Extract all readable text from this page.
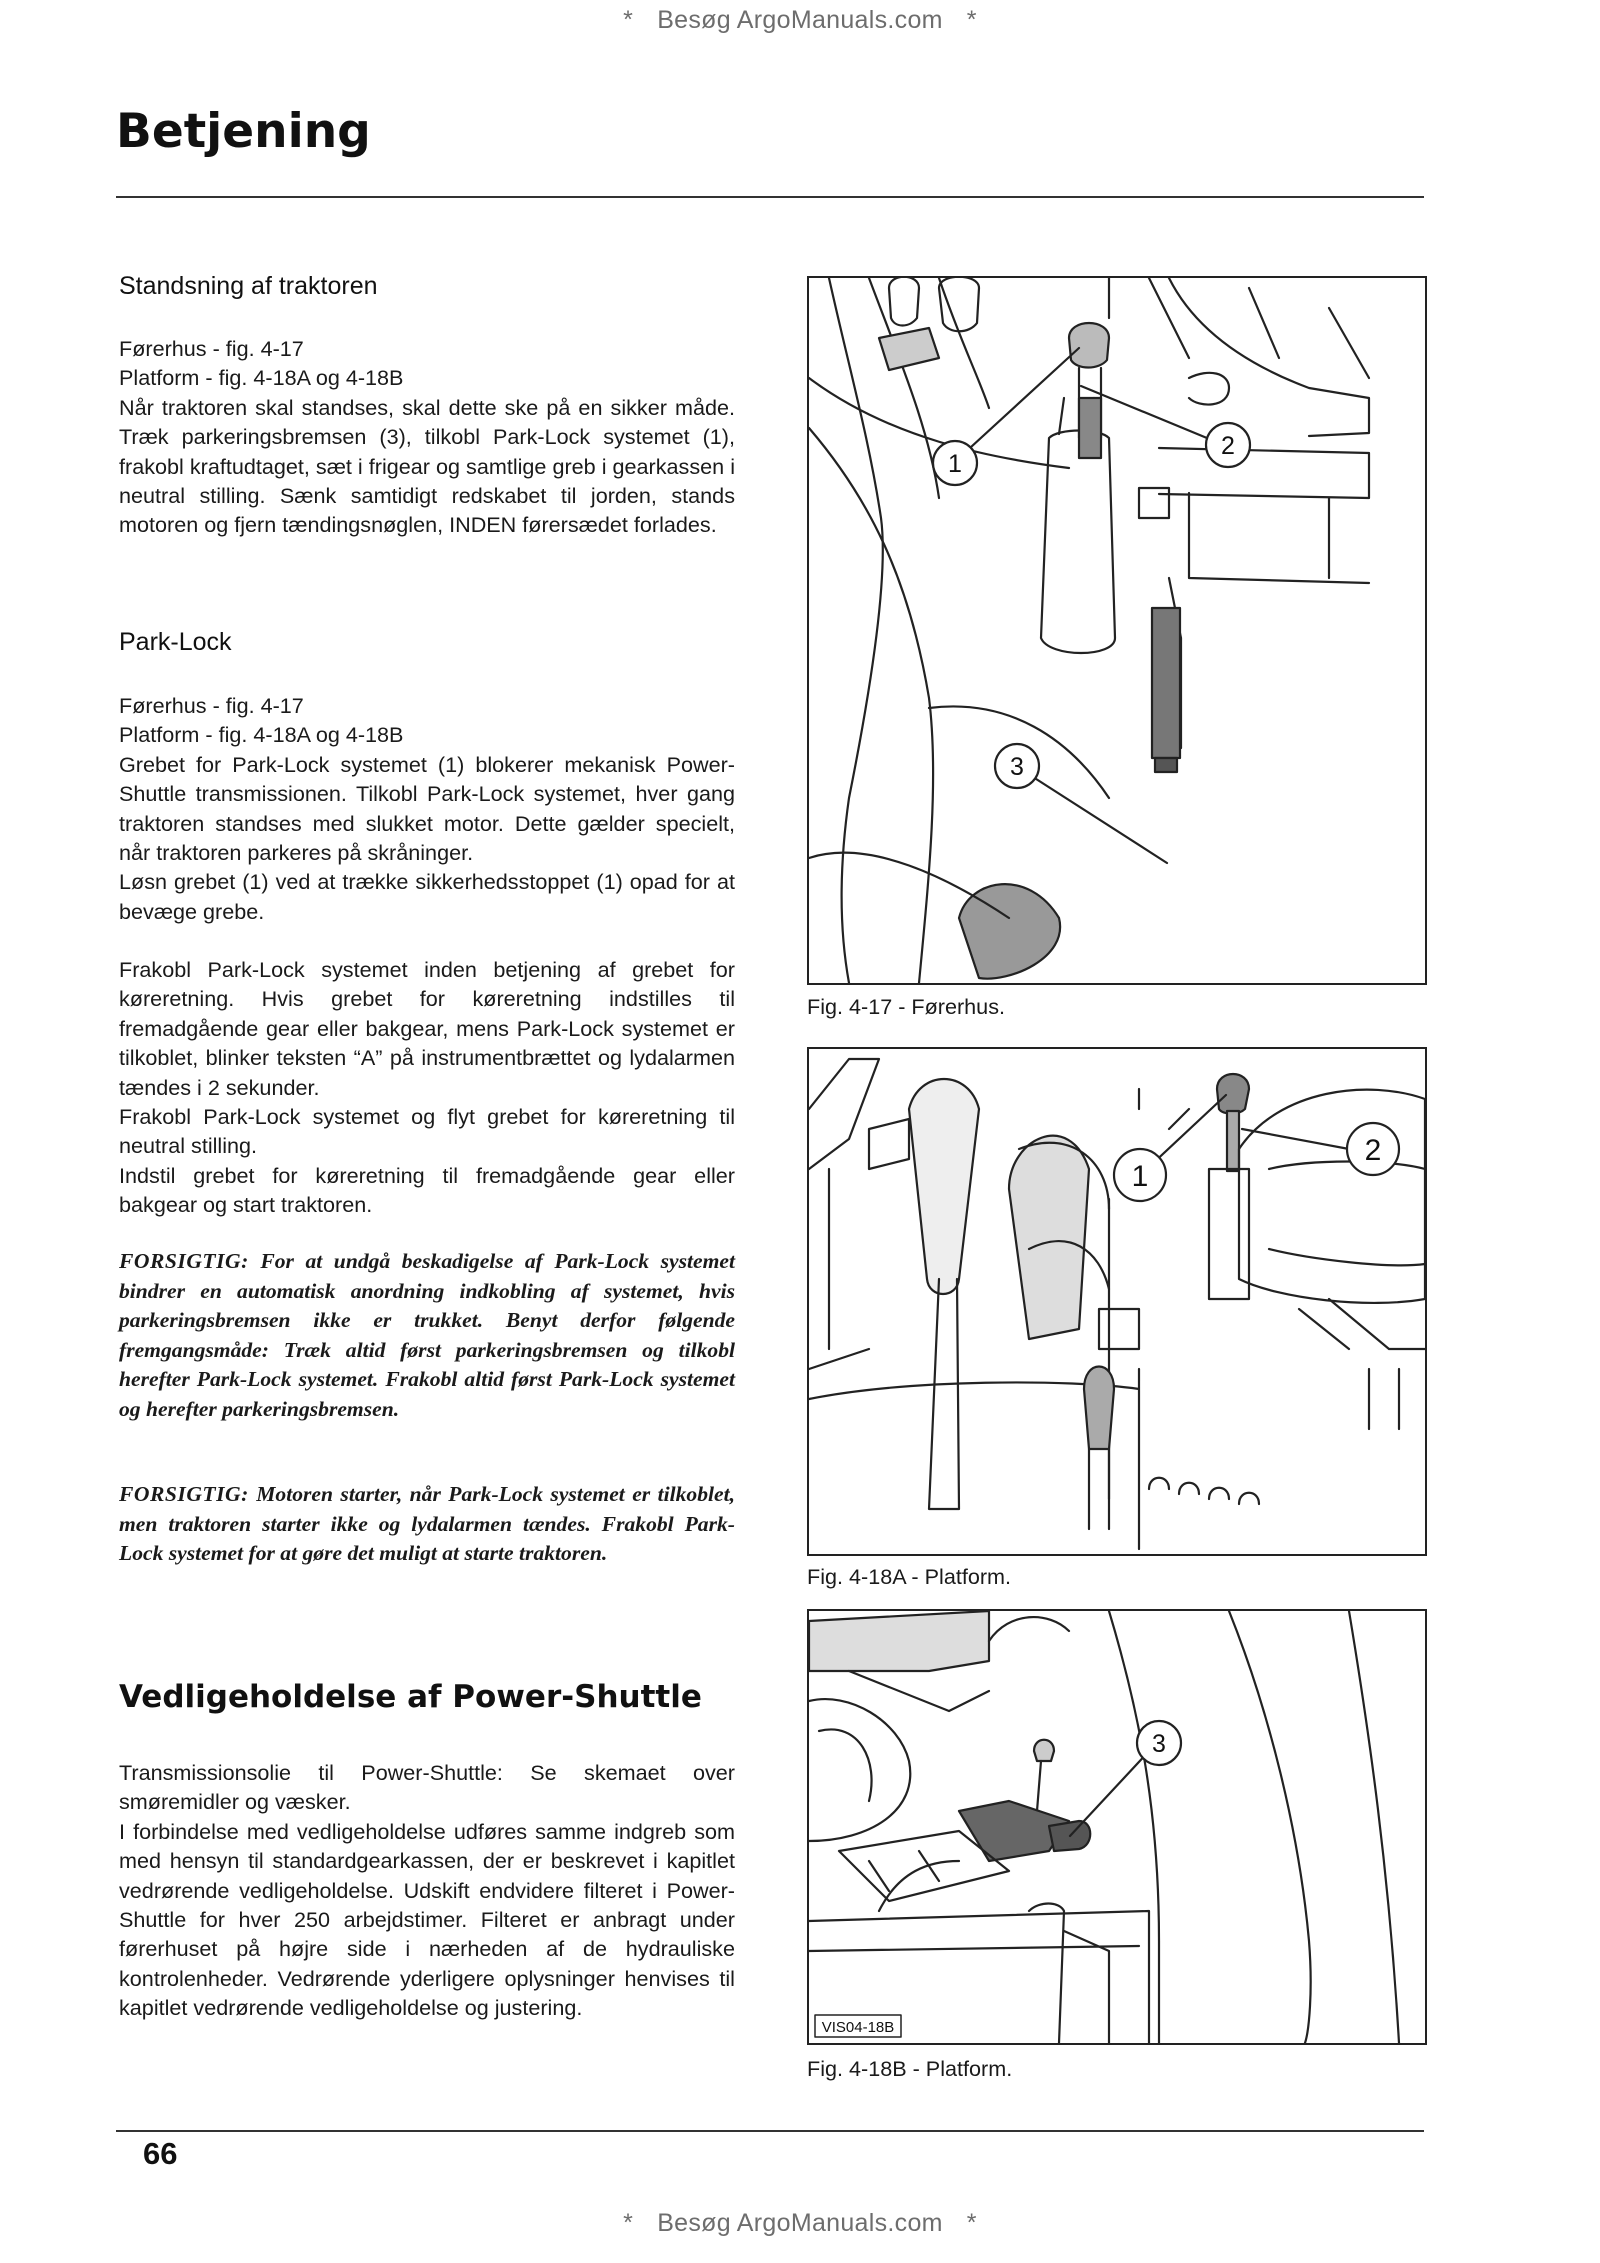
* Besøg ArgoManuals.com *
Betjening
Standsning af traktoren

Førerhus - fig. 4-17

Platform - fig. 4-18A og 4-18B

Når traktoren skal standses, skal dette ske på en sikker måde. Træk parkeringsbremsen (3), tilkobl Park-Lock systemet (1), frakobl kraftudtaget, sæt i frigear og samtlige greb i gearkassen i neutral stilling. Sænk samtidigt redskabet til jorden, stands motoren og fjern tændingsnøglen, INDEN førersædet forlades.

Park-Lock

Førerhus - fig. 4-17

Platform - fig. 4-18A og 4-18B

Grebet for Park-Lock systemet (1) blokerer mekanisk Power-Shuttle transmissionen. Tilkobl Park-Lock systemet, hver gang traktoren standses med slukket motor. Dette gælder specielt, når traktoren parkeres på skråninger.

Løsn grebet (1) ved at trække sikkerhedsstoppet (1) opad for at bevæge grebe.

Frakobl Park-Lock systemet inden betjening af grebet for køreretning. Hvis grebet for køreretning indstilles til fremadgående gear eller bakgear, mens Park-Lock systemet er tilkoblet, blinker teksten “A” på instrumentbrættet og lydalarmen tændes i 2 sekunder.

Frakobl Park-Lock systemet og flyt grebet for køreretning til neutral stilling.

Indstil grebet for køreretning til fremadgående gear eller bakgear og start traktoren.

FORSIGTIG: For at undgå beskadigelse af Park-Lock systemet bindrer en automatisk anordning indkobling af systemet, hvis parkeringsbremsen ikke er trukket. Benyt derfor følgende fremgangsmåde: Træk altid først parkeringsbremsen og tilkobl herefter Park-Lock systemet. Frakobl altid først Park-Lock systemet og herefter parkeringsbremsen.

FORSIGTIG: Motoren starter, når Park-Lock systemet er tilkoblet, men traktoren starter ikke og lydalarmen tændes. Frakobl Park-Lock systemet for at gøre det muligt at starte traktoren.

Vedligeholdelse af Power-Shuttle

Transmissionsolie til Power-Shuttle: Se skemaet over smøremidler og væsker.

I forbindelse med vedligeholdelse udføres samme indgreb som med hensyn til standardgearkassen, der er beskrevet i kapitlet vedrørende vedligeholdelse. Udskift endvidere filteret i Power-Shuttle for hver 250 arbejdstimer. Filteret er anbragt under førerhuset på højre side i nærheden af de hydrauliske kontrolenheder. Vedrørende yderligere oplysninger henvises til kapitlet vedrørende vedligeholdelse og justering.

1
2
3
Fig. 4-17 - Førerhus.
1
2
Fig. 4-18A - Platform.
3
VIS04-18B
Fig. 4-18B - Platform.
66
* Besøg ArgoManuals.com *
